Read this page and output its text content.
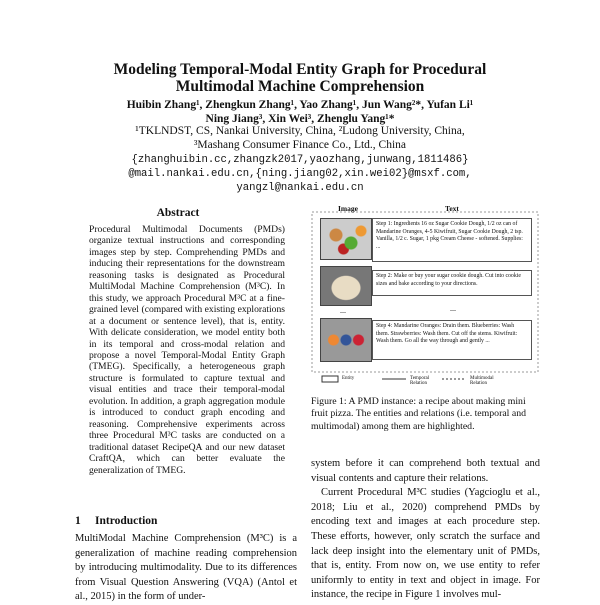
Modeling Temporal-Modal Entity Graph for Procedural
Multimodal Machine Comprehension
Huibin Zhang¹, Zhengkun Zhang¹, Yao Zhang¹, Jun Wang²*, Yufan Li¹
Ning Jiang³, Xin Wei³, Zhenglu Yang¹*
¹TKLNDST, CS, Nankai University, China, ²Ludong University, China,
³Mashang Consumer Finance Co., Ltd., China
{zhanghuibin.cc,zhangzk2017,yaozhang,junwang,1811486}
@mail.nankai.edu.cn,{ning.jiang02,xin.wei02}@msxf.com,
yangzl@nankai.edu.cn
Abstract
Procedural Multimodal Documents (PMDs) organize textual instructions and corresponding images step by step. Comprehending PMDs and inducing their representations for the downstream reasoning tasks is designated as Procedural MultiModal Machine Comprehension (M³C). In this study, we approach Procedural M³C at a fine-grained level (compared with existing explorations at a document or sentence level), that is, entity. With delicate consideration, we model entity both in its temporal and cross-modal relation and propose a novel Temporal-Modal Entity Graph (TMEG). Specifically, a heterogeneous graph structure is formulated to capture textual and visual entities and trace their temporal-modal evolution. In addition, a graph aggregation module is introduced to conduct graph encoding and reasoning. Comprehensive experiments across three Procedural M³C tasks are conducted on a traditional dataset RecipeQA and our new dataset CraftQA, which can better evaluate the generalization of TMEG.
1 Introduction
MultiModal Machine Comprehension (M³C) is a generalization of machine reading comprehension by introducing multimodality. Due to its differences from Visual Question Answering (VQA) (Antol et al., 2015) in the form of under-
Image	Text
Step 1: Ingredients 16 oz Sugar Cookie Dough, 1/2 oz can of Mandarine Oranges, 4-5 Kiwifruit, Sugar Cookie Dough, 2 tsp. Vanilla, 1/2 c. Sugar, 1 pkg Cream Cheese - softened. Supplies: ...
Step 2: Make or buy your sugar cookie dough. Cut into cookie sizes and bake according to your directions.
...	...
Step 4: Mandarine Oranges: Drain them. Blueberries: Wash them. Strawberries: Wash them. Cut off the stems. Kiwifruit: Wash them. Go all the way through and gently ...
Entity	Temporal Relation
Multimodal Relation
Figure 1: A PMD instance: a recipe about making mini fruit pizza. The entities and relations (i.e. temporal and multimodal) among them are highlighted.

system before it can comprehend both textual and visual contents and capture their relations.

Current Procedural M³C studies (Yagcioglu et al., 2018; Liu et al., 2020) comprehend PMDs by encoding text and images at each procedure step. These efforts, however, only scratch the surface and lack deep insight into the elementary unit of PMDs, that is, entity. From now on, we use entity to refer uniformly to entity in text and object in image. For instance, the recipe in Figure 1 involves mul-
